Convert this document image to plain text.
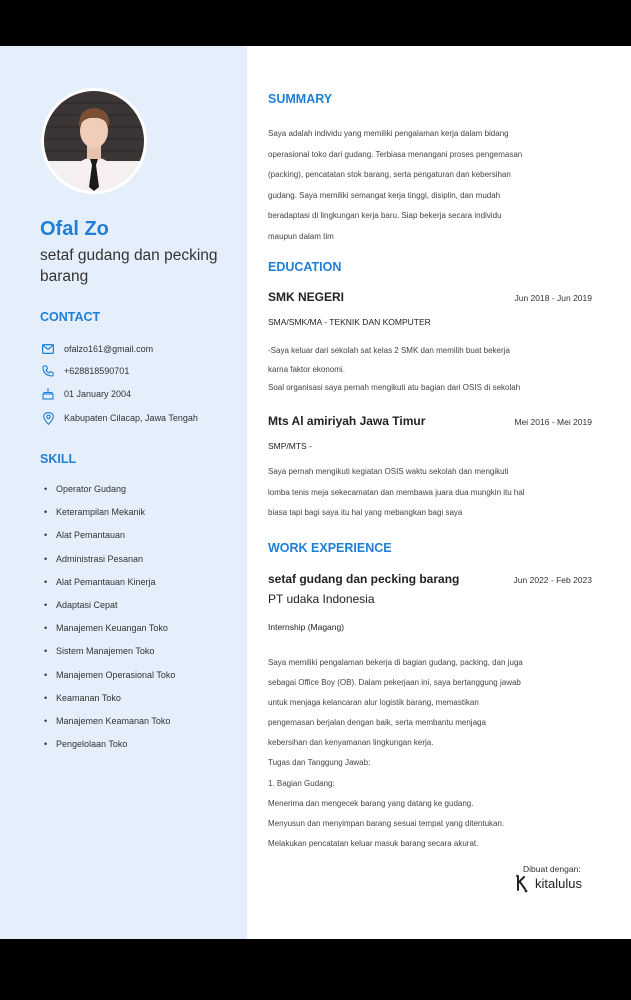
Ofal Zo
setaf gudang dan pecking barang
CONTACT
ofalzo161@gmail.com
+628818590701
01 January 2004
Kabupaten Cilacap, Jawa Tengah
SKILL
• Operator Gudang
• Keterampilan Mekanik
• Alat Pemantauan
• Administrasi Pesanan
• Alat Pemantauan Kinerja
• Adaptasi Cepat
• Manajemen Keuangan Toko
• Sistem Manajemen Toko
• Manajemen Operasional Toko
• Keamanan Toko
• Manajemen Keamanan Toko
• Pengelolaan Toko
SUMMARY
Saya adalah individu yang memiliki pengalaman kerja dalam bidang
operasional toko dari gudang. Terbiasa menangani proses pengemasan
(packing), pencatatan stok barang, serta pengaturan dan kebersihan
gudang. Saya memiliki semangat kerja tinggi, disiplin, dan mudah
beradaptasi di lingkungan kerja baru. Siap bekerja secara individu
maupun dalam tim
EDUCATION
SMK NEGERI	Jun 2018 - Jun 2019
SMA/SMK/MA - TEKNIK DAN KOMPUTER
-Saya keluar dari sekolah sat kelas 2 SMK dan memilih buat bekerja
karna faktor ekonomi.
Soal organisasi saya pernah mengikuti atu bagian dari OSIS di sekolah
Mts Al amiriyah Jawa Timur	Mei 2016 - Mei 2019
SMP/MTS -
Saya pernah mengikuti kegiatan OSIS waktu sekolah dan mengikuti
lomba tenis meja sekecamatan dan membawa juara dua mungkin itu hal
biasa tapi bagi saya itu hal yang mebangkan bagi saya
WORK EXPERIENCE
setaf gudang dan pecking barang	Jun 2022 - Feb 2023
PT udaka Indonesia
Internship (Magang)
Saya memiliki pengalaman bekerja di bagian gudang, packing, dan juga
sebagai Office Boy (OB). Dalam pekerjaan ini, saya bertanggung jawab
untuk menjaga kelancaran alur logistik barang, memastikan
pengemasan berjalan dengan baik, serta membantu menjaga
kebersihan dan kenyamanan lingkungan kerja.
Tugas dan Tanggung Jawab:
1. Bagian Gudang:
Menerima dan mengecek barang yang datang ke gudang.
Menyusun dan menyimpan barang sesuai tempat yang ditentukan.
Melakukan pencatatan keluar masuk barang secara akurat.
Dibuat dengan:
kitalulus
